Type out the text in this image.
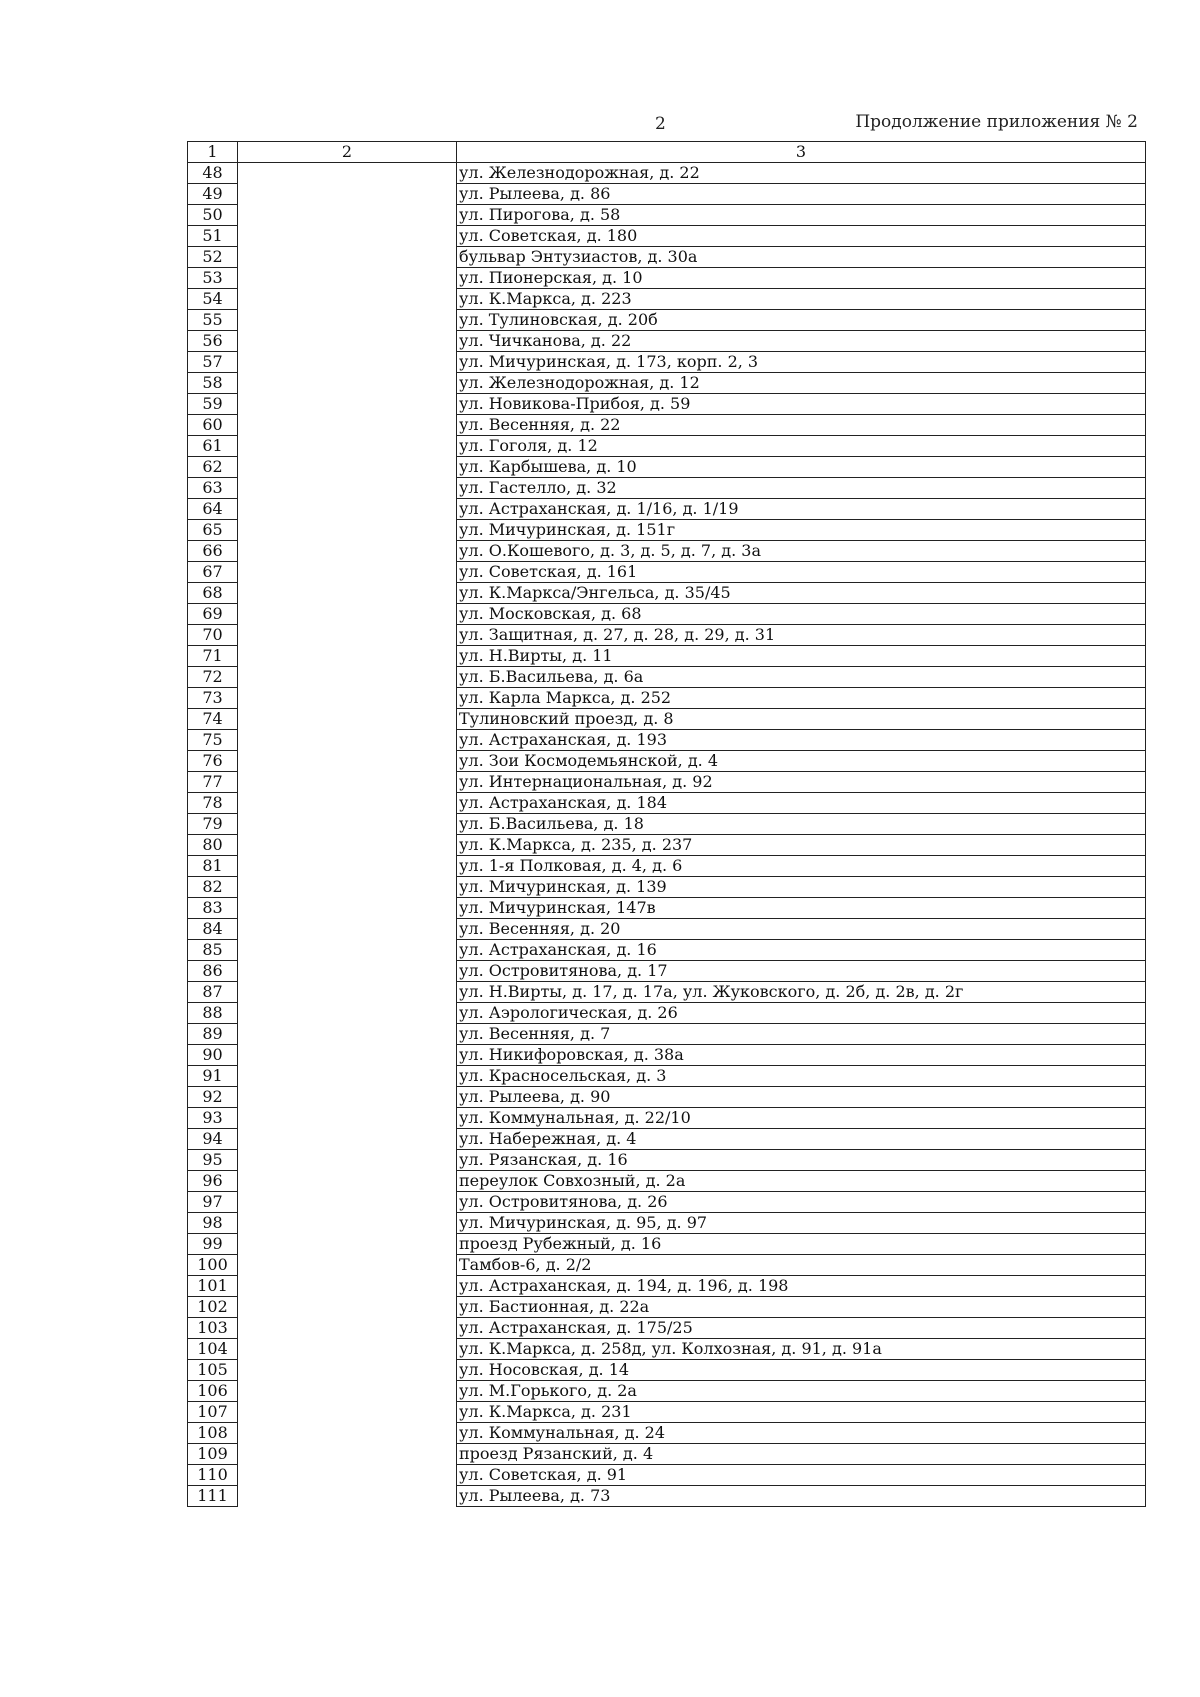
2	Продолжение приложения № 2
1	2	3
48		ул. Железнодорожная, д. 22
49		ул. Рылеева, д. 86
50		ул. Пирогова, д. 58
51		ул. Советская, д. 180
52		бульвар Энтузиастов, д. 30а
53		ул. Пионерская, д. 10
54		ул. К.Маркса, д. 223
55		ул. Тулиновская, д. 20б
56		ул. Чичканова, д. 22
57		ул. Мичуринская, д. 173, корп. 2, 3
58		ул. Железнодорожная, д. 12
59		ул. Новикова-Прибоя, д. 59
60		ул. Весенняя, д. 22
61		ул. Гоголя, д. 12
62		ул. Карбышева, д. 10
63		ул. Гастелло, д. 32
64		ул. Астраханская, д. 1/16, д. 1/19
65		ул. Мичуринская, д. 151г
66		ул. О.Кошевого, д. 3, д. 5, д. 7, д. 3а
67		ул. Советская, д. 161
68		ул. К.Маркса/Энгельса, д. 35/45
69		ул. Московская, д. 68
70		ул. Защитная, д. 27, д. 28, д. 29, д. 31
71		ул. Н.Вирты, д. 11
72		ул. Б.Васильева, д. 6а
73		ул. Карла Маркса, д. 252
74		Тулиновский проезд, д. 8
75		ул. Астраханская, д. 193
76		ул. Зои Космодемьянской, д. 4
77		ул. Интернациональная, д. 92
78		ул. Астраханская, д. 184
79		ул. Б.Васильева, д. 18
80		ул. К.Маркса, д. 235, д. 237
81		ул. 1-я Полковая, д. 4, д. 6
82		ул. Мичуринская, д. 139
83		ул. Мичуринская, 147в
84		ул. Весенняя, д. 20
85		ул. Астраханская, д. 16
86		ул. Островитянова, д. 17
87		ул. Н.Вирты, д. 17, д. 17а, ул. Жуковского, д. 2б, д. 2в, д. 2г
88		ул. Аэрологическая, д. 26
89		ул. Весенняя, д. 7
90		ул. Никифоровская, д. 38а
91		ул. Красносельская, д. 3
92		ул. Рылеева, д. 90
93		ул. Коммунальная, д. 22/10
94		ул. Набережная, д. 4
95		ул. Рязанская, д. 16
96		переулок Совхозный, д. 2а
97		ул. Островитянова, д. 26
98		ул. Мичуринская, д. 95, д. 97
99		проезд Рубежный, д. 16
100		Тамбов-6, д. 2/2
101		ул. Астраханская, д. 194, д. 196, д. 198
102		ул. Бастионная, д. 22а
103		ул. Астраханская, д. 175/25
104		ул. К.Маркса, д. 258д, ул. Колхозная, д. 91, д. 91а
105		ул. Носовская, д. 14
106		ул. М.Горького, д. 2а
107		ул. К.Маркса, д. 231
108		ул. Коммунальная, д. 24
109		проезд Рязанский, д. 4
110		ул. Советская, д. 91
111		ул. Рылеева, д. 73
